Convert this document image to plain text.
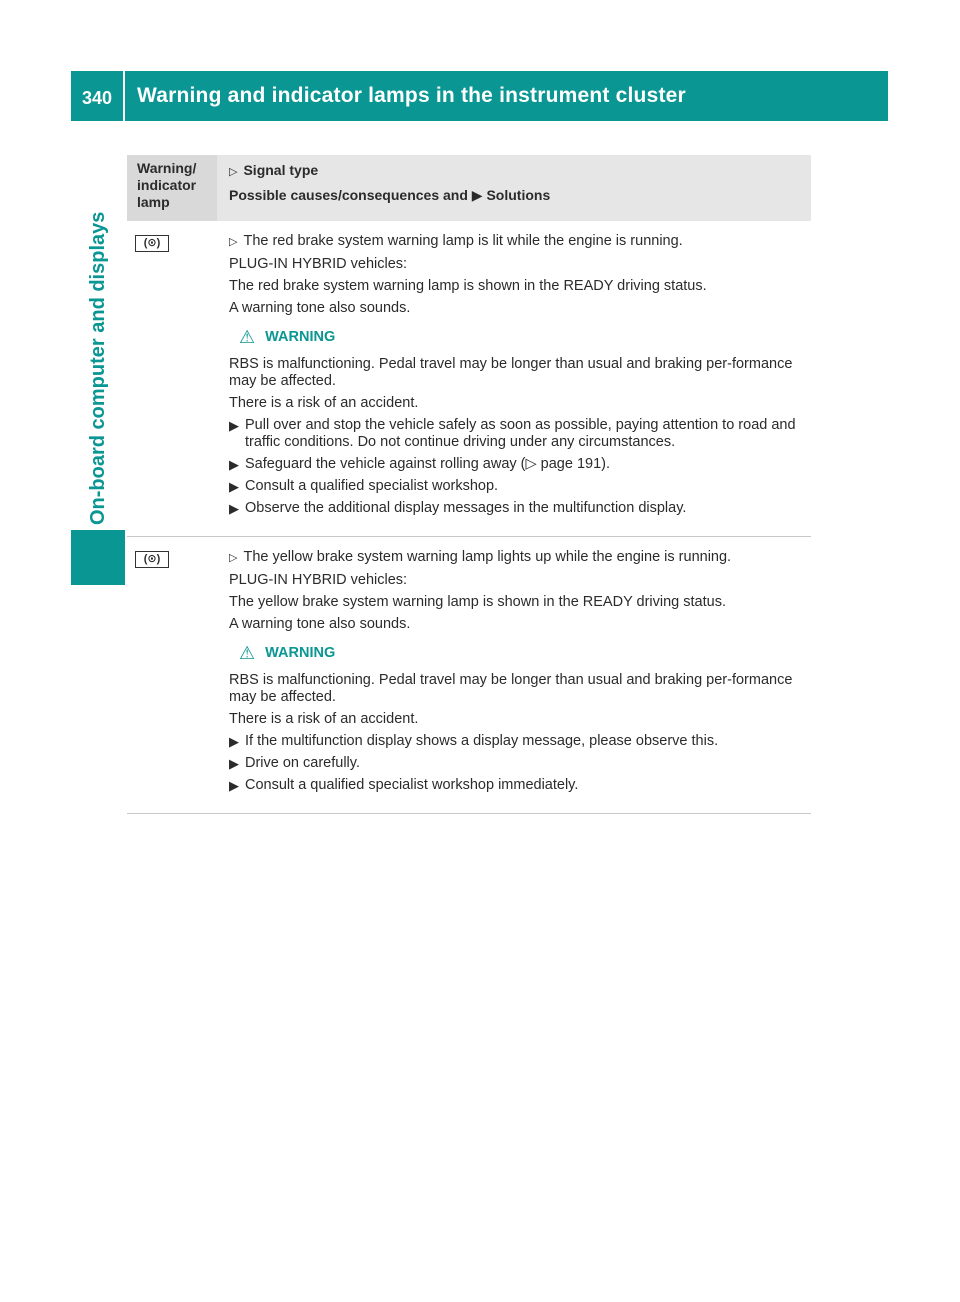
340	Warning and indicator lamps in the instrument cluster
On-board computer and displays
Warning/
indicator
lamp
▷ Signal type
Possible causes/consequences and ▶ Solutions
(⊙)	▷ The red brake system warning lamp is lit while the engine is running.

PLUG-IN HYBRID vehicles:

The red brake system warning lamp is shown in the READY driving status.

A warning tone also sounds.

⚠ WARNING

RBS is malfunctioning. Pedal travel may be longer than usual and braking per-formance may be affected.

There is a risk of an accident.

▶ Pull over and stop the vehicle safely as soon as possible, paying attention to road and traffic conditions. Do not continue driving under any circumstances.
▶ Safeguard the vehicle against rolling away (▷ page 191).
▶ Consult a qualified specialist workshop.
▶ Observe the additional display messages in the multifunction display.
(⊙)	▷ The yellow brake system warning lamp lights up while the engine is running.

PLUG-IN HYBRID vehicles:

The yellow brake system warning lamp is shown in the READY driving status.

A warning tone also sounds.

⚠ WARNING

RBS is malfunctioning. Pedal travel may be longer than usual and braking per-formance may be affected.

There is a risk of an accident.

▶ If the multifunction display shows a display message, please observe this.
▶ Drive on carefully.
▶ Consult a qualified specialist workshop immediately.
